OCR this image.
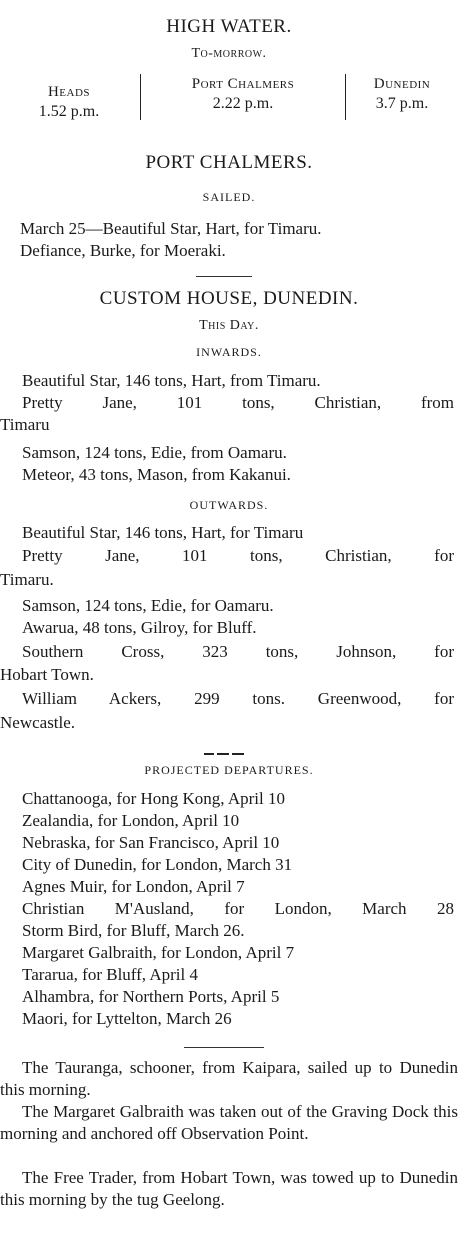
HIGH WATER.

To-morrow.

Heads
1.52 p.m.
Port Chalmers
2.22 p.m.
Dunedin
3.7 p.m.

PORT CHALMERS.

SAILED.

March 25—Beautiful Star, Hart, for Timaru.
Defiance, Burke, for Moeraki.

CUSTOM HOUSE, DUNEDIN.

This Day.

INWARDS.

Beautiful Star, 146 tons, Hart, from Timaru.
Pretty Jane, 101 tons, Christian, from
Timaru
Samson, 124 tons, Edie, from Oamaru.
Meteor, 43 tons, Mason, from Kakanui.

OUTWARDS.

Beautiful Star, 146 tons, Hart, for Timaru
Pretty Jane, 101 tons, Christian, for
Timaru.
Samson, 124 tons, Edie, for Oamaru.
Awarua, 48 tons, Gilroy, for Bluff.
Southern Cross, 323 tons, Johnson, for
Hobart Town.
William Ackers, 299 tons. Greenwood, for
Newcastle.

PROJECTED DEPARTURES.

Chattanooga, for Hong Kong, April 10
Zealandia, for London, April 10
Nebraska, for San Francisco, April 10
City of Dunedin, for London, March 31
Agnes Muir, for London, April 7
Christian M'Ausland, for London, March 28
Storm Bird, for Bluff, March 26.
Margaret Galbraith, for London, April 7
Tararua, for Bluff, April 4
Alhambra, for Northern Ports, April 5
Maori, for Lyttelton, March 26

The Tauranga, schooner, from Kaipara, sailed up to Dunedin this morning.

The Margaret Galbraith was taken out of the Graving Dock this morning and anchored off Observation Point.

The Free Trader, from Hobart Town, was towed up to Dunedin this morning by the tug Geelong.
